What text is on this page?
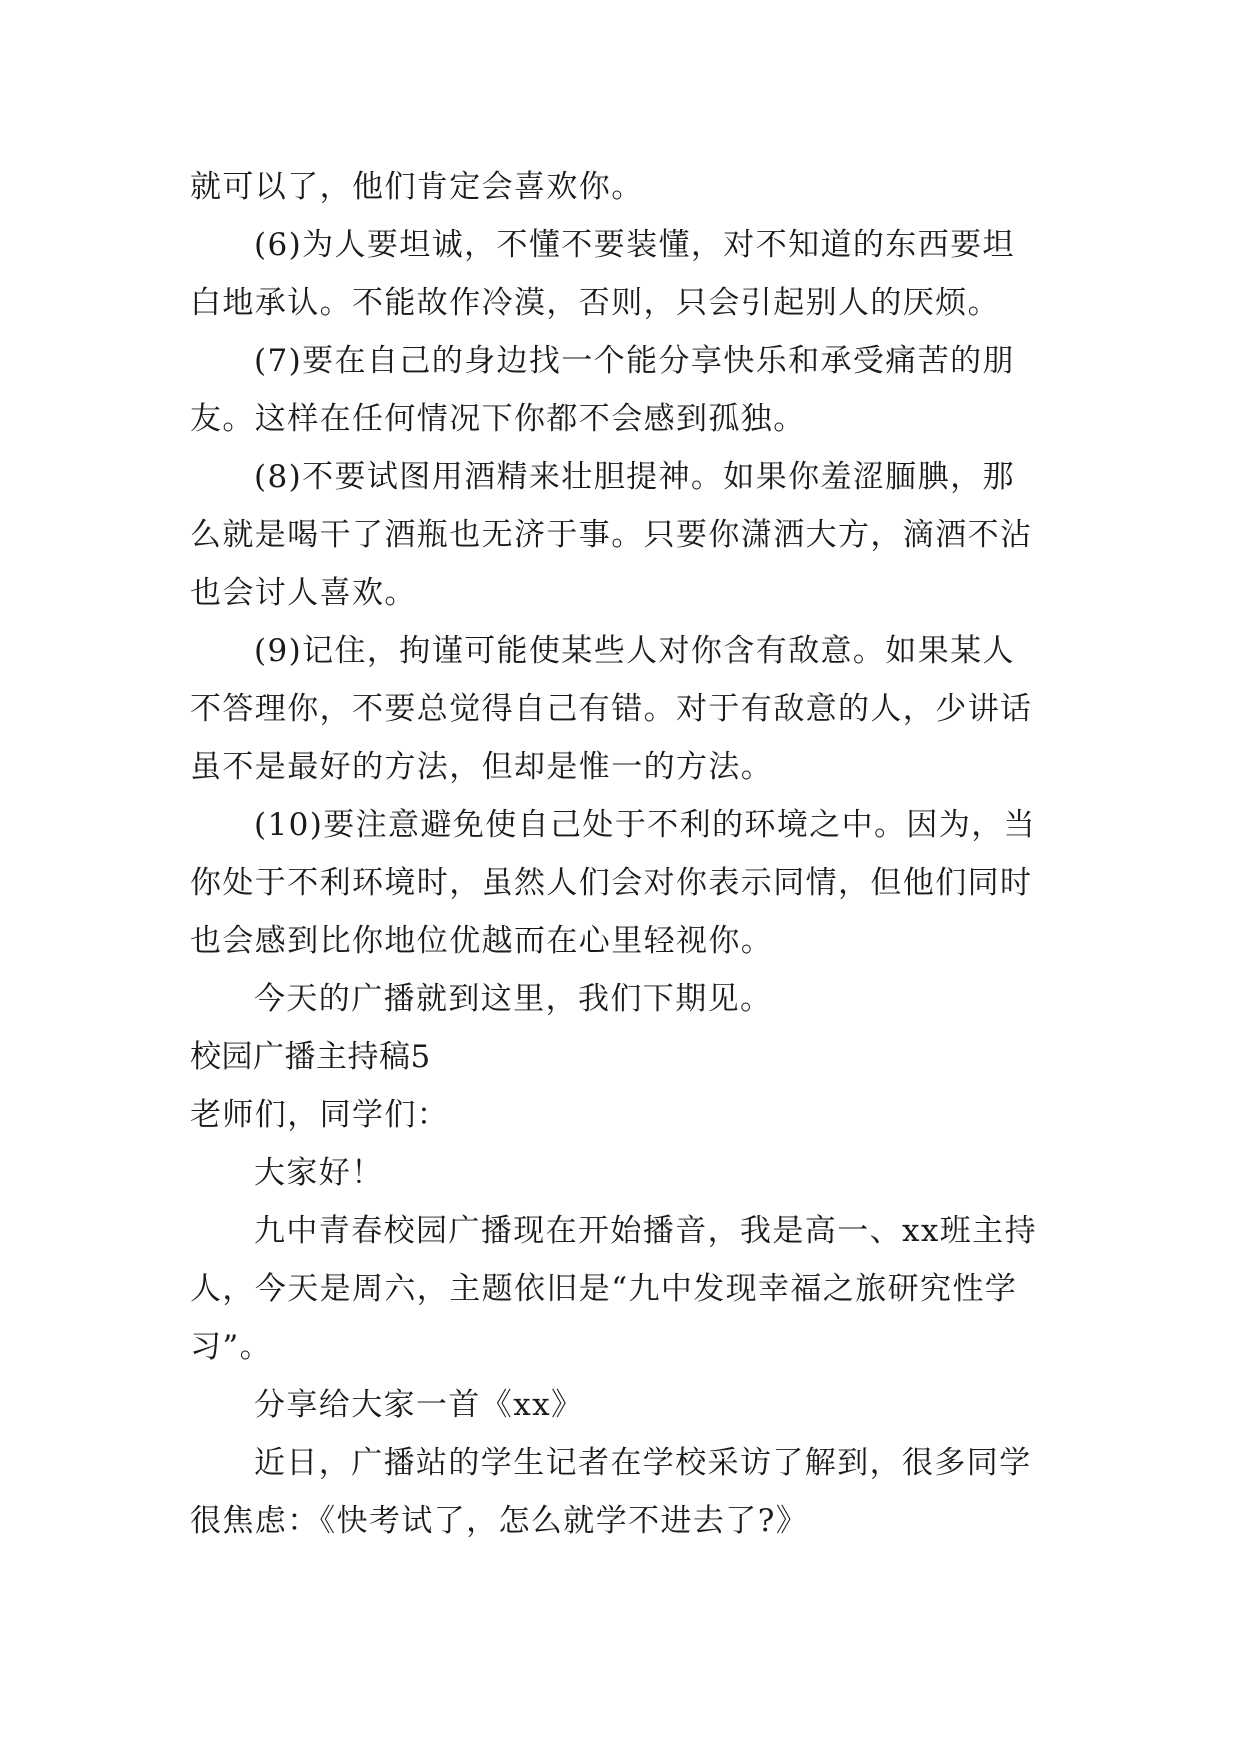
就可以了，他们肯定会喜欢你。
(6)为人要坦诚，不懂不要装懂，对不知道的东西要坦
白地承认。不能故作冷漠，否则，只会引起别人的厌烦。
(7)要在自己的身边找一个能分享快乐和承受痛苦的朋
友。这样在任何情况下你都不会感到孤独。
(8)不要试图用酒精来壮胆提神。如果你羞涩腼腆，那
么就是喝干了酒瓶也无济于事。只要你潇洒大方，滴酒不沾
也会讨人喜欢。
(9)记住，拘谨可能使某些人对你含有敌意。如果某人
不答理你，不要总觉得自己有错。对于有敌意的人，少讲话
虽不是最好的方法，但却是惟一的方法。
(10)要注意避免使自己处于不利的环境之中。因为，当
你处于不利环境时，虽然人们会对你表示同情，但他们同时
也会感到比你地位优越而在心里轻视你。
今天的广播就到这里，我们下期见。
校园广播主持稿5
老师们，同学们：
大家好！
九中青春校园广播现在开始播音，我是高一、xx班主持
人，今天是周六，主题依旧是“九中发现幸福之旅研究性学
习”。
分享给大家一首《xx》
近日，广播站的学生记者在学校采访了解到，很多同学
很焦虑：《快考试了，怎么就学不进去了?》
